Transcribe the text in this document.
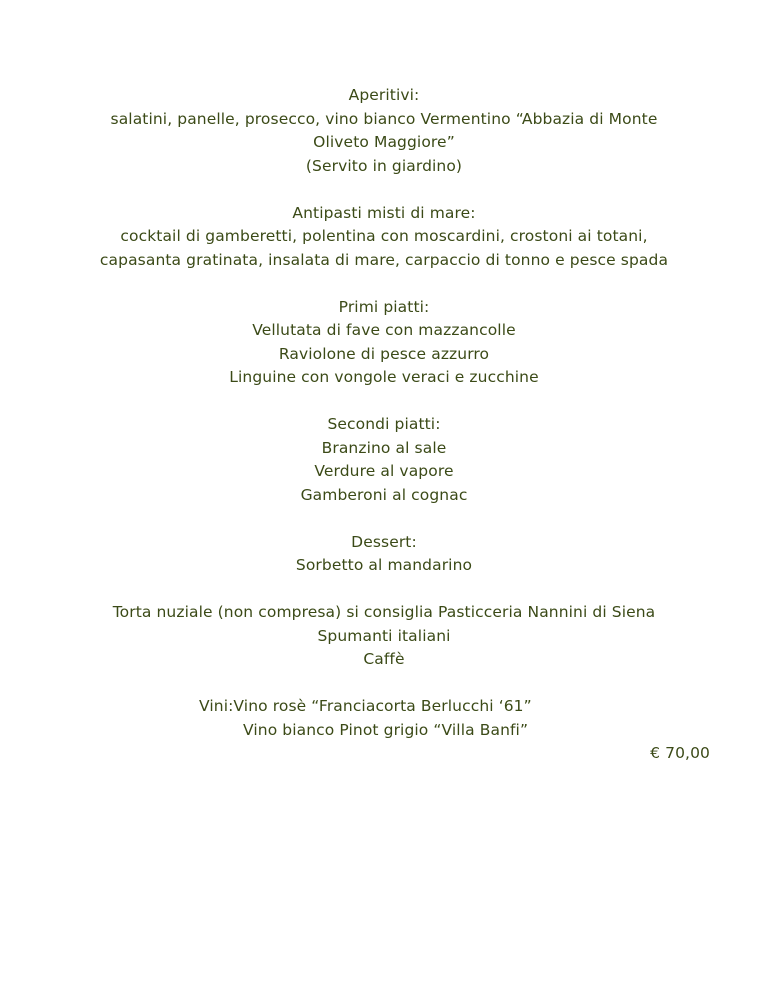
Aperitivi:
salatini, panelle, prosecco, vino bianco Vermentino “Abbazia di Monte
Oliveto Maggiore”
(Servito in giardino)
Antipasti misti di mare:
cocktail di gamberetti, polentina con moscardini, crostoni ai totani,
capasanta gratinata, insalata di mare, carpaccio di tonno e pesce spada
Primi piatti:
Vellutata di fave con mazzancolle
Raviolone di pesce azzurro
Linguine con vongole veraci e zucchine
Secondi piatti:
Branzino al sale
Verdure al vapore
Gamberoni al cognac
Dessert:
Sorbetto al mandarino
Torta nuziale (non compresa) si consiglia Pasticceria Nannini di Siena
Spumanti italiani
Caffè
Vini:Vino rosè “Franciacorta Berlucchi ‘61”
Vino bianco Pinot grigio “Villa Banfi”
€ 70,00
